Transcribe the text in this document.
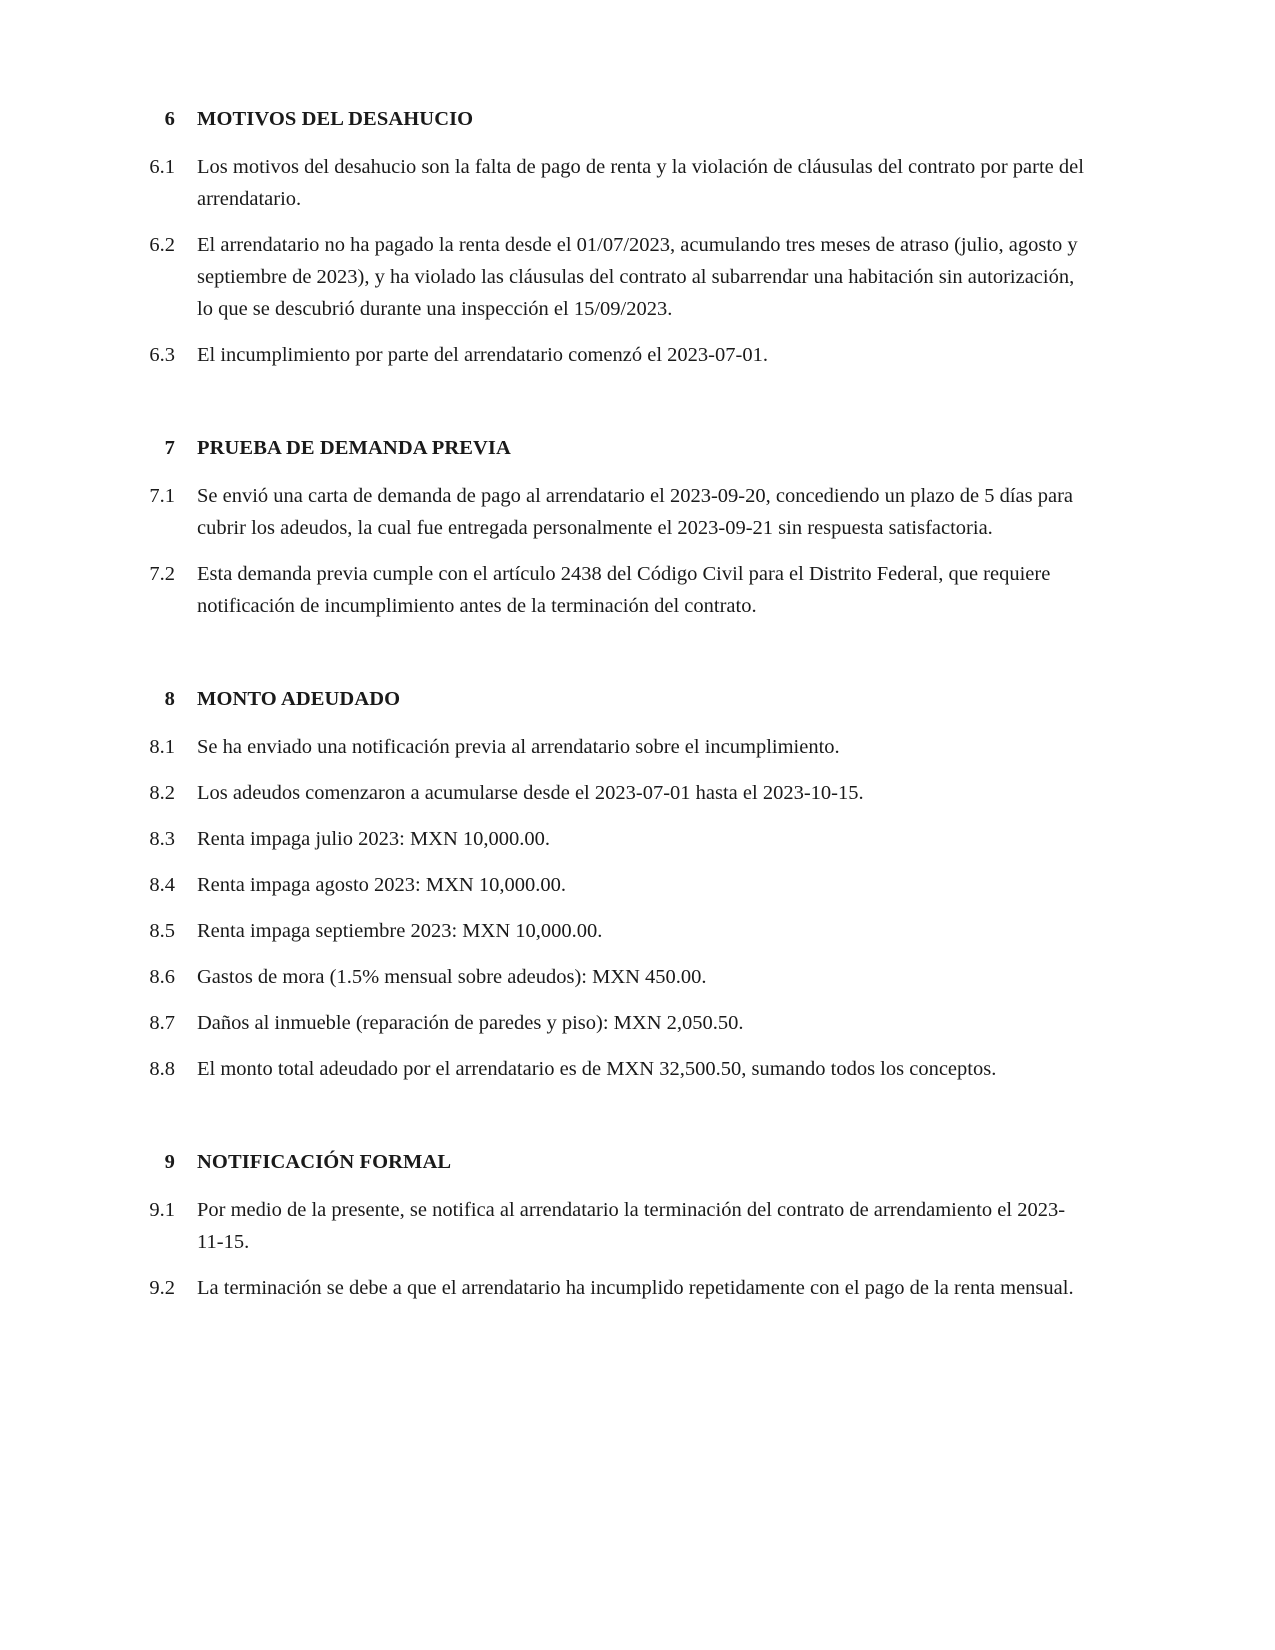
6 MOTIVOS DEL DESAHUCIO
6.1 Los motivos del desahucio son la falta de pago de renta y la violación de cláusulas del contrato por parte del arrendatario.
6.2 El arrendatario no ha pagado la renta desde el 01/07/2023, acumulando tres meses de atraso (julio, agosto y septiembre de 2023), y ha violado las cláusulas del contrato al subarrendar una habitación sin autorización, lo que se descubrió durante una inspección el 15/09/2023.
6.3 El incumplimiento por parte del arrendatario comenzó el 2023-07-01.
7 PRUEBA DE DEMANDA PREVIA
7.1 Se envió una carta de demanda de pago al arrendatario el 2023-09-20, concediendo un plazo de 5 días para cubrir los adeudos, la cual fue entregada personalmente el 2023-09-21 sin respuesta satisfactoria.
7.2 Esta demanda previa cumple con el artículo 2438 del Código Civil para el Distrito Federal, que requiere notificación de incumplimiento antes de la terminación del contrato.
8 MONTO ADEUDADO
8.1 Se ha enviado una notificación previa al arrendatario sobre el incumplimiento.
8.2 Los adeudos comenzaron a acumularse desde el 2023-07-01 hasta el 2023-10-15.
8.3 Renta impaga julio 2023: MXN 10,000.00.
8.4 Renta impaga agosto 2023: MXN 10,000.00.
8.5 Renta impaga septiembre 2023: MXN 10,000.00.
8.6 Gastos de mora (1.5% mensual sobre adeudos): MXN 450.00.
8.7 Daños al inmueble (reparación de paredes y piso): MXN 2,050.50.
8.8 El monto total adeudado por el arrendatario es de MXN 32,500.50, sumando todos los conceptos.
9 NOTIFICACIÓN FORMAL
9.1 Por medio de la presente, se notifica al arrendatario la terminación del contrato de arrendamiento el 2023-11-15.
9.2 La terminación se debe a que el arrendatario ha incumplido repetidamente con el pago de la renta mensual.
